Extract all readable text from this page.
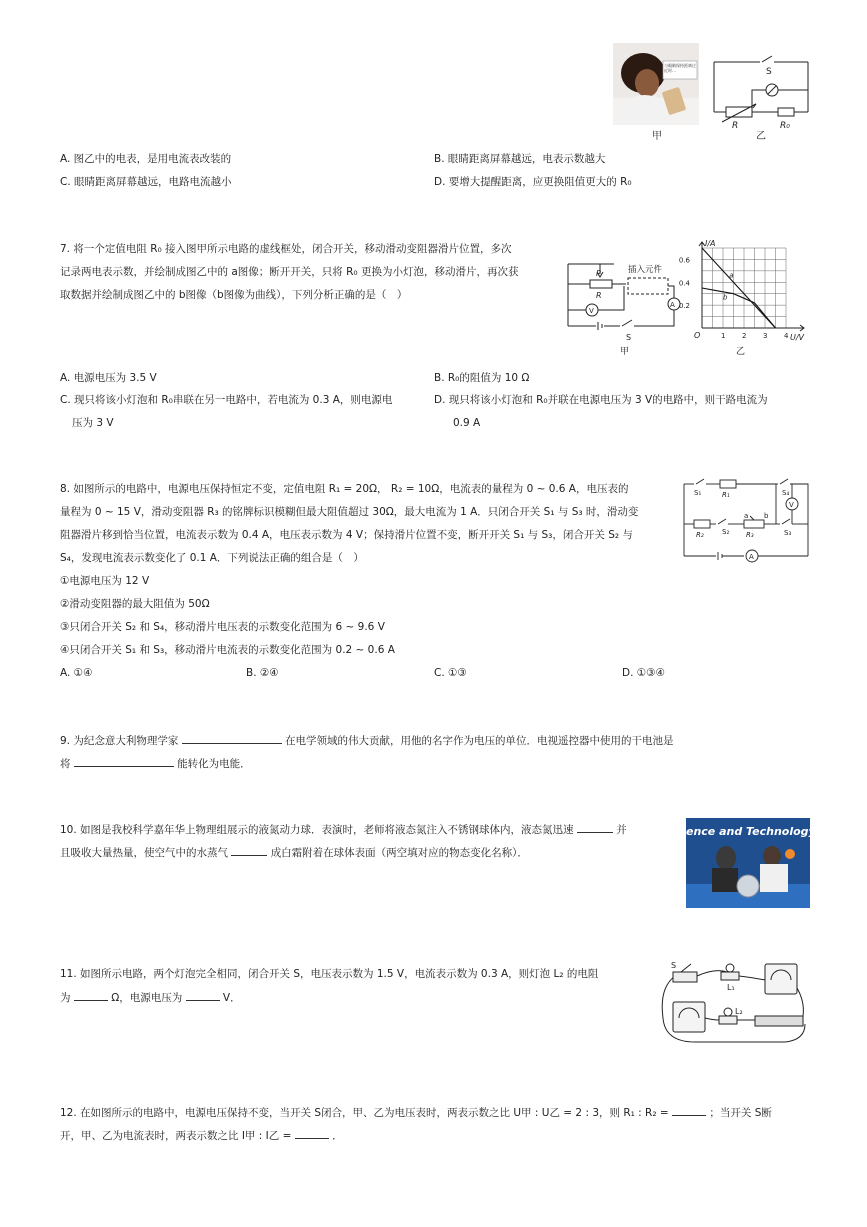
与眼睛保持距离过近时…
甲
S
R	R₀
乙
A. 图乙中的电表，是用电流表改装的	B. 眼睛距离屏幕越远，电表示数越大
C. 眼睛距离屏幕越远，电路电流越小	D. 要增大提醒距离，应更换阻值更大的 R₀
7. 将一个定值电阻 R₀ 接入图甲所示电路的虚线框处，闭合开关，移动滑动变阻器滑片位置，多次
记录两电表示数，并绘制成图乙中的 a图像；断开开关，只将 R₀ 更换为小灯泡，移动滑片，再次获
取数据并绘制成图乙中的 b图像（b图像为曲线），下列分析正确的是（　）
P
R
插入元件
A
V
S
甲
1 2 3 4
0.2
0.4
0.6
a
b
I/A
U/V
O
乙
A. 电源电压为 3.5 V	B. R₀的阻值为 10 Ω
C. 现只将该小灯泡和 R₀串联在另一电路中，若电流为 0.3 A，则电源电
压为 3 V
D. 现只将该小灯泡和 R₀并联在电源电压为 3 V的电路中，则干路电流为
0.9 A
8. 如图所示的电路中，电源电压保持恒定不变，定值电阻 R₁ = 20Ω， R₂ = 10Ω，电流表的量程为 0 ~ 0.6 A，电压表的
量程为 0 ~ 15 V，滑动变阻器 R₃ 的铭牌标识模糊但最大阻值超过 30Ω，最大电流为 1 A．只闭合开关 S₁ 与 S₃ 时，滑动变
阻器滑片移到恰当位置，电流表示数为 0.4 A，电压表示数为 4 V；保持滑片位置不变，断开开关 S₁ 与 S₃，闭合开关 S₂ 与
S₄，发现电流表示数变化了 0.1 A．下列说法正确的组合是（　）
①电源电压为 12 V
②滑动变阻器的最大阻值为 50Ω
③只闭合开关 S₂ 和 S₄，移动滑片电压表的示数变化范围为 6 ~ 9.6 V
④只闭合开关 S₁ 和 S₃，移动滑片电流表的示数变化范围为 0.2 ~ 0.6 A
S₁	R₁	S₄
V
R₂	S₂ R₃	S₃
a b
A
A. ①④	B. ②④	C. ①③	D. ①③④
9. 为纪念意大利物理学家	在电学领域的伟大贡献，用他的名字作为电压的单位．电视遥控器中使用的干电池是
将	能转化为电能．
10. 如图是我校科学嘉年华上物理组展示的液氮动力球．表演时，老师将液态氮注入不锈钢球体内，液态氮迅速	并
且吸收大量热量，使空气中的水蒸气	成白霜附着在球体表面（两空填对应的物态变化名称）．
ence and Technology Fest
11. 如图所示电路，两个灯泡完全相同，闭合开关 S，电压表示数为 1.5 V，电流表示数为 0.3 A，则灯泡 L₂ 的电阻
为	Ω，电源电压为	V．
S
L₁
L₂
12. 在如图所示的电路中，电源电压保持不变，当开关 S闭合，甲、乙为电压表时，两表示数之比 U甲 : U乙 = 2 : 3，则 R₁ : R₂ =	；当开关 S断
开，甲、乙为电流表时，两表示数之比 I甲 : I乙 =	．
